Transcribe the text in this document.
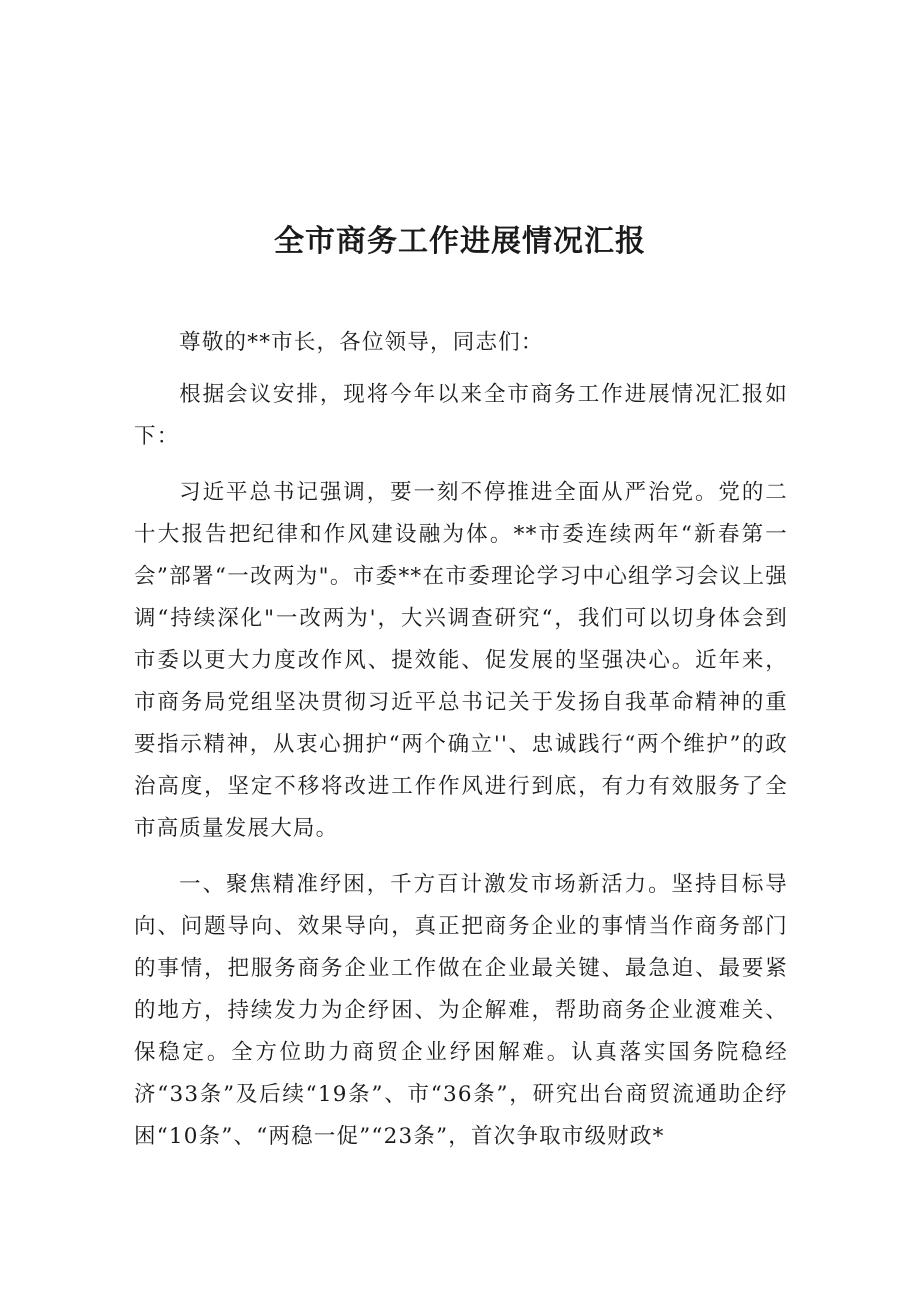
全市商务工作进展情况汇报

尊敬的**市长，各位领导，同志们：

根据会议安排，现将今年以来全市商务工作进展情况汇报如下：

习近平总书记强调，要一刻不停推进全面从严治党。党的二十大报告把纪律和作风建设融为体。**市委连续两年“新春第一会”部署“一改两为"。市委**在市委理论学习中心组学习会议上强调“持续深化"一改两为'，大兴调查研究“，我们可以切身体会到市委以更大力度改作风、提效能、促发展的坚强决心。近年来，市商务局党组坚决贯彻习近平总书记关于发扬自我革命精神的重要指示精神，从衷心拥护“两个确立''、忠诚践行“两个维护”的政治高度，坚定不移将改进工作作风进行到底，有力有效服务了全市高质量发展大局。

一、聚焦精准纾困，千方百计激发市场新活力。坚持目标导向、问题导向、效果导向，真正把商务企业的事情当作商务部门的事情，把服务商务企业工作做在企业最关键、最急迫、最要紧的地方，持续发力为企纾困、为企解难，帮助商务企业渡难关、保稳定。全方位助力商贸企业纾困解难。认真落实国务院稳经济“33条”及后续“19条”、市“36条”，研究出台商贸流通助企纾困“10条”、“两稳一促”“23条”，首次争取市级财政*
